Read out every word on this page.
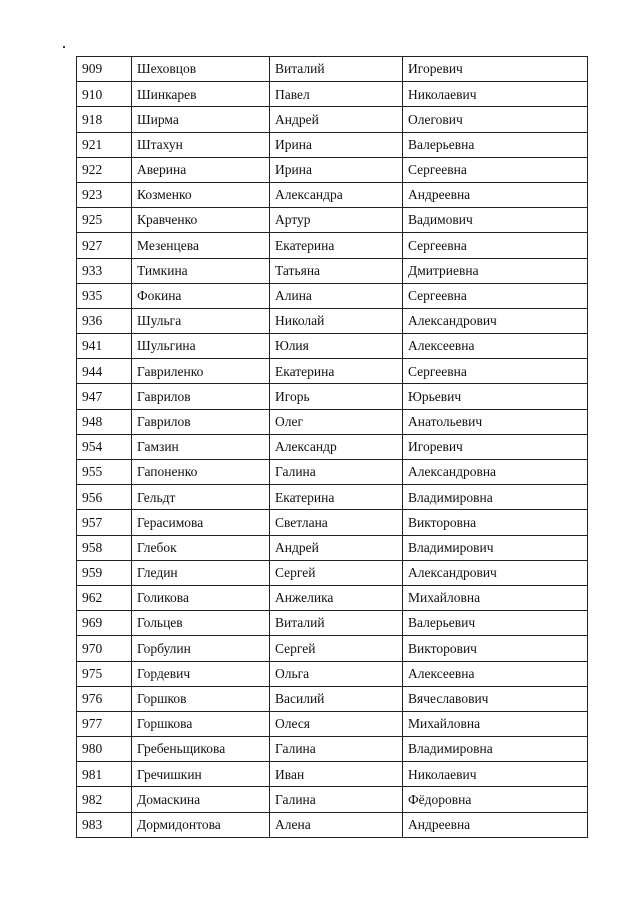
909	Шеховцов	Виталий	Игоревич
910	Шинкарев	Павел	Николаевич
918	Ширма	Андрей	Олегович
921	Штахун	Ирина	Валерьевна
922	Аверина	Ирина	Сергеевна
923	Козменко	Александра	Андреевна
925	Кравченко	Артур	Вадимович
927	Мезенцева	Екатерина	Сергеевна
933	Тимкина	Татьяна	Дмитриевна
935	Фокина	Алина	Сергеевна
936	Шульга	Николай	Александрович
941	Шульгина	Юлия	Алексеевна
944	Гавриленко	Екатерина	Сергеевна
947	Гаврилов	Игорь	Юрьевич
948	Гаврилов	Олег	Анатольевич
954	Гамзин	Александр	Игоревич
955	Гапоненко	Галина	Александровна
956	Гельдт	Екатерина	Владимировна
957	Герасимова	Светлана	Викторовна
958	Глебок	Андрей	Владимирович
959	Гледин	Сергей	Александрович
962	Голикова	Анжелика	Михайловна
969	Гольцев	Виталий	Валерьевич
970	Горбулин	Сергей	Викторович
975	Гордевич	Ольга	Алексеевна
976	Горшков	Василий	Вячеславович
977	Горшкова	Олеся	Михайловна
980	Гребеньщикова	Галина	Владимировна
981	Гречишкин	Иван	Николаевич
982	Домаскина	Галина	Фёдоровна
983	Дормидонтова	Алена	Андреевна
